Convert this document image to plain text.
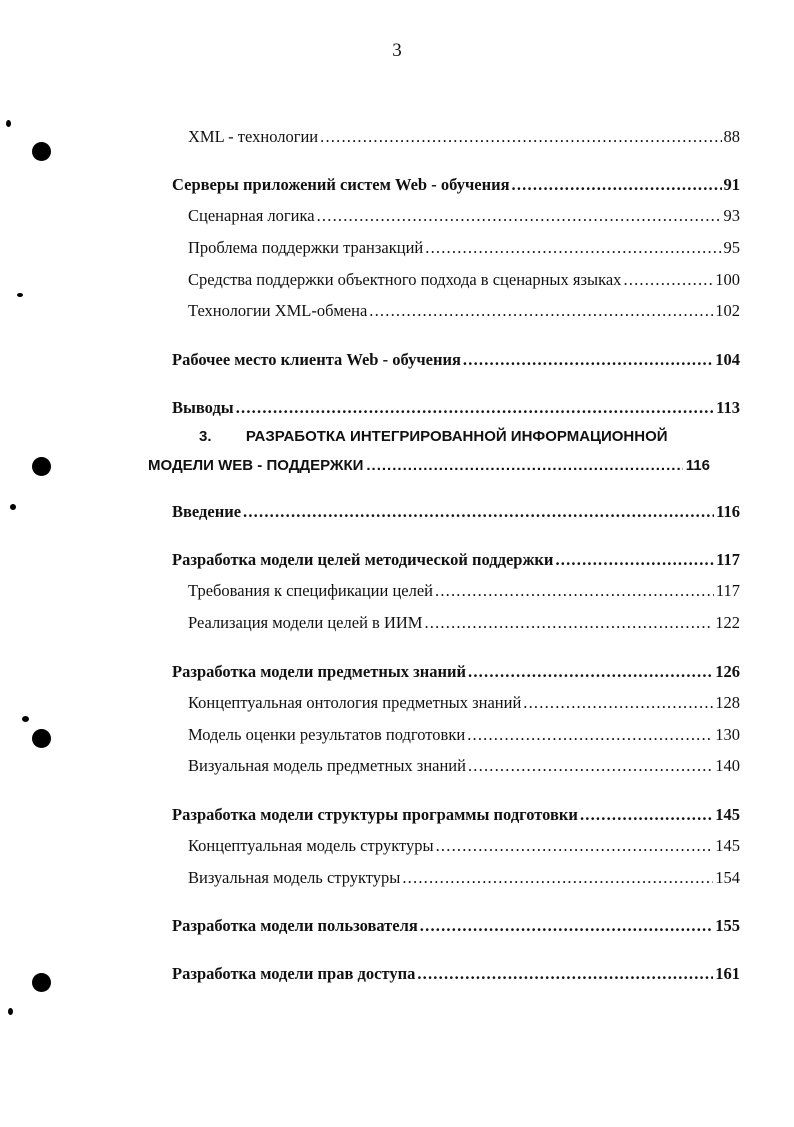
3
XML - технологии .....	88
Серверы приложений систем Web - обучения .....	91
Сценарная логика .....	93
Проблема поддержки транзакций .....	95
Средства поддержки объектного подхода в сценарных языках .....	100
Технологии XML-обмена .....	102
Рабочее место клиента Web - обучения .....	104
Выводы .....	113
3. РАЗРАБОТКА ИНТЕГРИРОВАННОЙ ИНФОРМАЦИОННОЙ
МОДЕЛИ WEB - ПОДДЕРЖКИ .....	116
Введение .....	116
Разработка модели целей методической поддержки .....	117
Требования к спецификации целей .....	117
Реализация модели целей в ИИМ .....	122
Разработка модели предметных знаний .....	126
Концептуальная онтология предметных знаний .....	128
Модель оценки результатов подготовки .....	130
Визуальная модель предметных знаний .....	140
Разработка модели структуры программы подготовки .....	145
Концептуальная модель структуры .....	145
Визуальная модель структуры .....	154
Разработка модели пользователя .....	155
Разработка модели прав доступа .....	161
